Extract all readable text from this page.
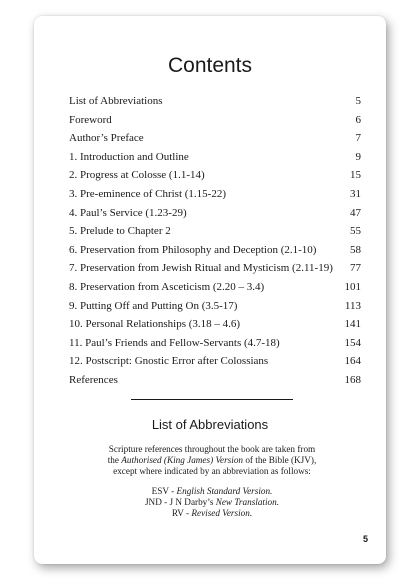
Contents
List of Abbreviations	5
Foreword	6
Author’s Preface	7
1. Introduction and Outline	9
2. Progress at Colosse (1.1-14)	15
3. Pre-eminence of Christ (1.15-22)	31
4. Paul’s Service (1.23-29)	47
5. Prelude to Chapter 2	55
6. Preservation from Philosophy and Deception (2.1-10)	58
7. Preservation from Jewish Ritual and Mysticism (2.11-19)	77
8. Preservation from Asceticism (2.20 – 3.4)	101
9. Putting Off and Putting On (3.5-17)	113
10. Personal Relationships (3.18 – 4.6)	141
11. Paul’s Friends and Fellow-Servants (4.7-18)	154
12. Postscript: Gnostic Error after Colossians	164
References	168
List of Abbreviations

Scripture references throughout the book are taken from

the Authorised (King James) Version of the Bible (KJV),

except where indicated by an abbreviation as follows:

ESV - English Standard Version.
JND - J N Darby’s New Translation.
RV - Revised Version.
5
